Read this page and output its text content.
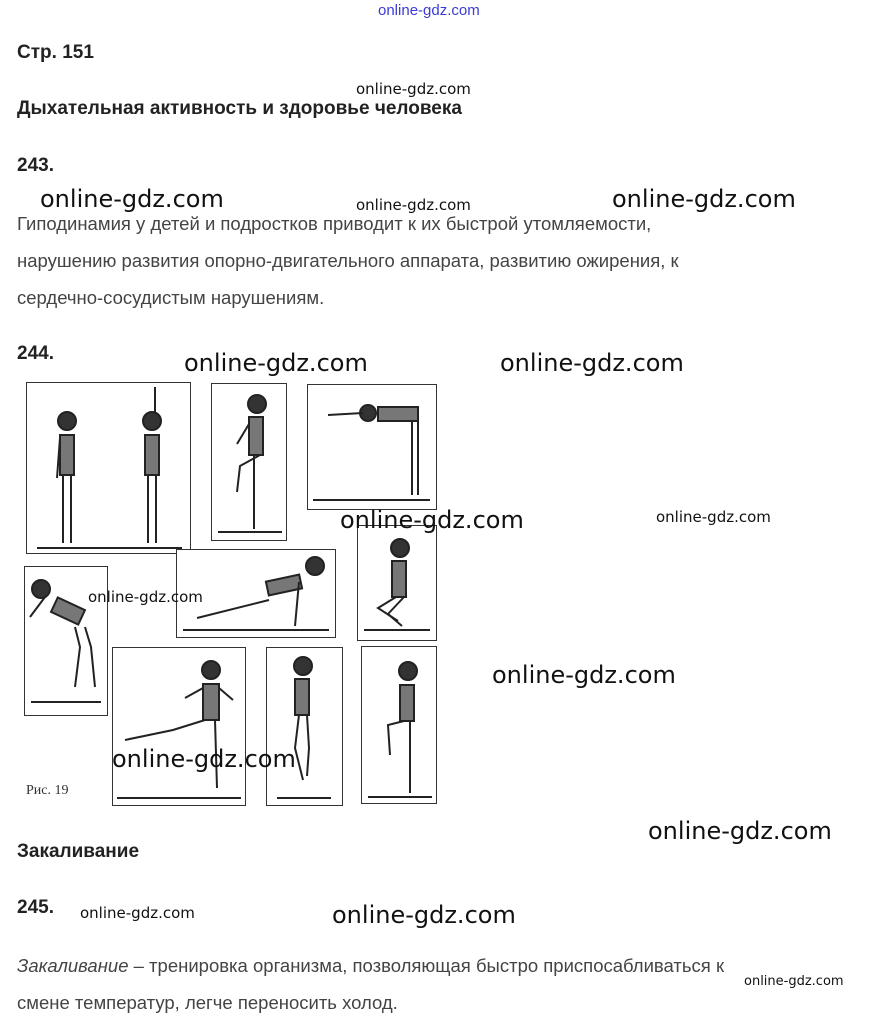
online-gdz.com
Стр. 151
Дыхательная активность и здоровье человека
243.
Гиподинамия у детей и подростков приводит к их быстрой утомляемости,
нарушению развития опорно-двигательного аппарата, развитию ожирения, к
сердечно-сосудистым нарушениям.
244.
Рис. 19
Закаливание
245.
Закаливание – тренировка организма, позволяющая быстро приспосабливаться к
смене температур, легче переносить холод.
online-gdz.com
online-gdz.com	online-gdz.com	online-gdz.com
online-gdz.com	online-gdz.com
online-gdz.com	online-gdz.com
online-gdz.com
online-gdz.com
online-gdz.com
online-gdz.com
online-gdz.com	online-gdz.com
online-gdz.com
